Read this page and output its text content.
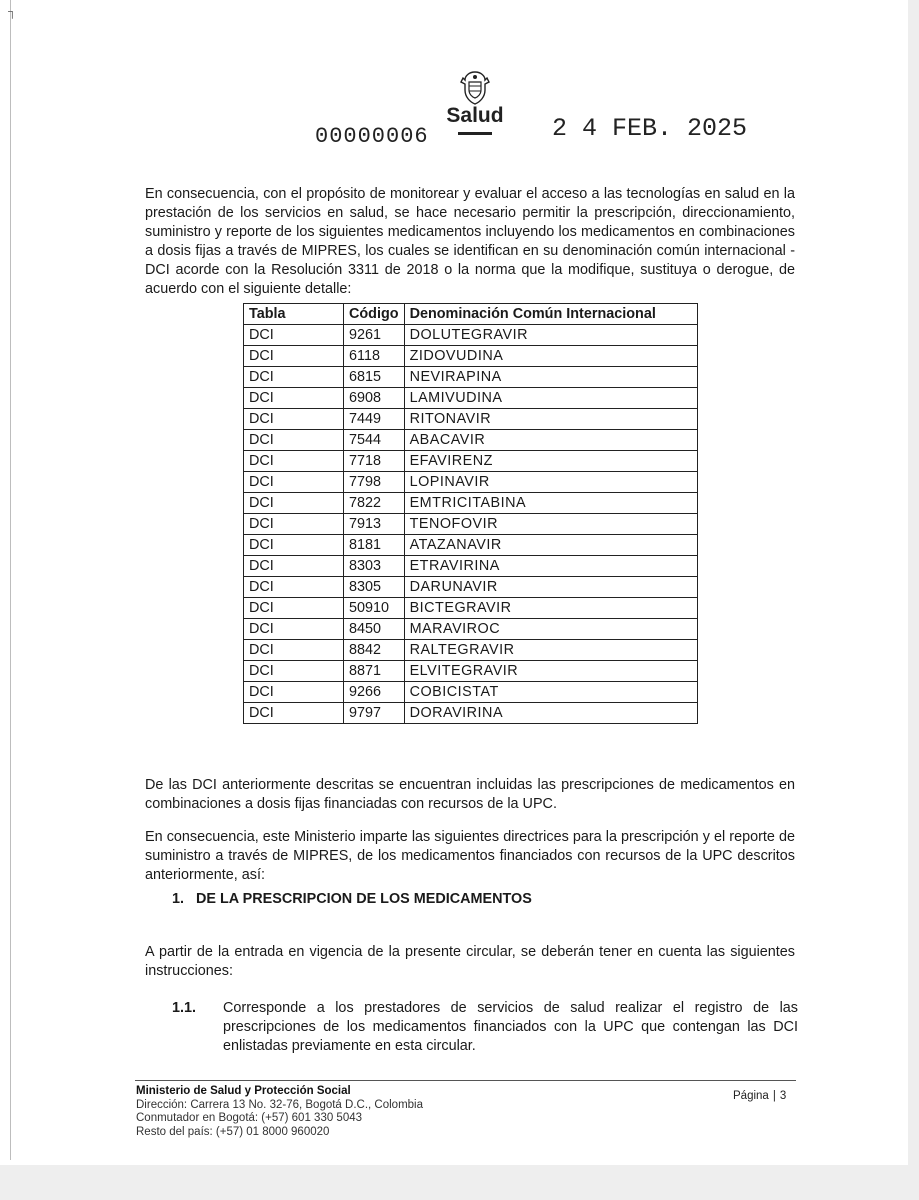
┐
00000006
Salud	2 4 FEB. 2025

En consecuencia, con el propósito de monitorear y evaluar el acceso a las tecnologías en salud en la prestación de los servicios en salud, se hace necesario permitir la prescripción, direccionamiento, suministro y reporte de los siguientes medicamentos incluyendo los medicamentos en combinaciones a dosis fijas a través de MIPRES, los cuales se identifican en su denominación común internacional - DCI acorde con la Resolución 3311 de 2018 o la norma que la modifique, sustituya o derogue, de acuerdo con el siguiente detalle:

Tabla	Código	Denominación Común Internacional
DCI	9261	DOLUTEGRAVIR
DCI	6118	ZIDOVUDINA
DCI	6815	NEVIRAPINA
DCI	6908	LAMIVUDINA
DCI	7449	RITONAVIR
DCI	7544	ABACAVIR
DCI	7718	EFAVIRENZ
DCI	7798	LOPINAVIR
DCI	7822	EMTRICITABINA
DCI	7913	TENOFOVIR
DCI	8181	ATAZANAVIR
DCI	8303	ETRAVIRINA
DCI	8305	DARUNAVIR
DCI	50910	BICTEGRAVIR
DCI	8450	MARAVIROC
DCI	8842	RALTEGRAVIR
DCI	8871	ELVITEGRAVIR
DCI	9266	COBICISTAT
DCI	9797	DORAVIRINA

De las DCI anteriormente descritas se encuentran incluidas las prescripciones de medicamentos en combinaciones a dosis fijas financiadas con recursos de la UPC.

En consecuencia, este Ministerio imparte las siguientes directrices para la prescripción y el reporte de suministro a través de MIPRES, de los medicamentos financiados con recursos de la UPC descritos anteriormente, así:

1. DE LA PRESCRIPCION DE LOS MEDICAMENTOS

A partir de la entrada en vigencia de la presente circular, se deberán tener en cuenta las siguientes instrucciones:

1.1. Corresponde a los prestadores de servicios de salud realizar el registro de las prescripciones de los medicamentos financiados con la UPC que contengan las DCI enlistadas previamente en esta circular.
Ministerio de Salud y Protección Social
Dirección: Carrera 13 No. 32-76, Bogotá D.C., Colombia
Conmutador en Bogotá: (+57) 601 330 5043
Resto del país: (+57) 01 8000 960020
Página | 3
